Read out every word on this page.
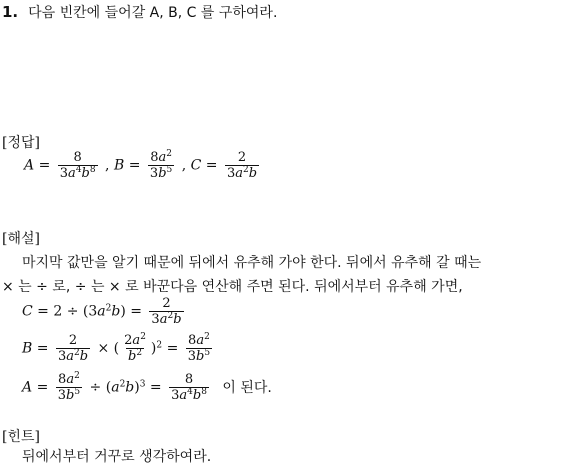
1. 다음 빈칸에 들어갈 A, B, C 를 구하여라.
[정답]
$A = \frac{8}{3a^4b^8}$ , $B = \frac{8a^2}{3b^5}$ , $C = \frac{2}{3a^2b}$
[해설]
마지막 값만을 알기 때문에 뒤에서 유추해 가야 한다. 뒤에서 유추해 갈 때는
× 는 ÷ 로, ÷ 는 × 로 바꾼다음 연산해 주면 된다. 뒤에서부터 유추해 가면,
$C = 2 \div (3a^2b) = \frac{2}{3a^2b}$
$B = \frac{2}{3a^2b}$ × ( $\frac{2a^2}{b^2} )^2 = \frac{8a^2}{3b^5}$
$A = \frac{8a^2}{3b^5} \div (a^2b)^3 = \frac{8}{3a^4b^8}$ 이 된다.
[힌트]
뒤에서부터 거꾸로 생각하여라.
